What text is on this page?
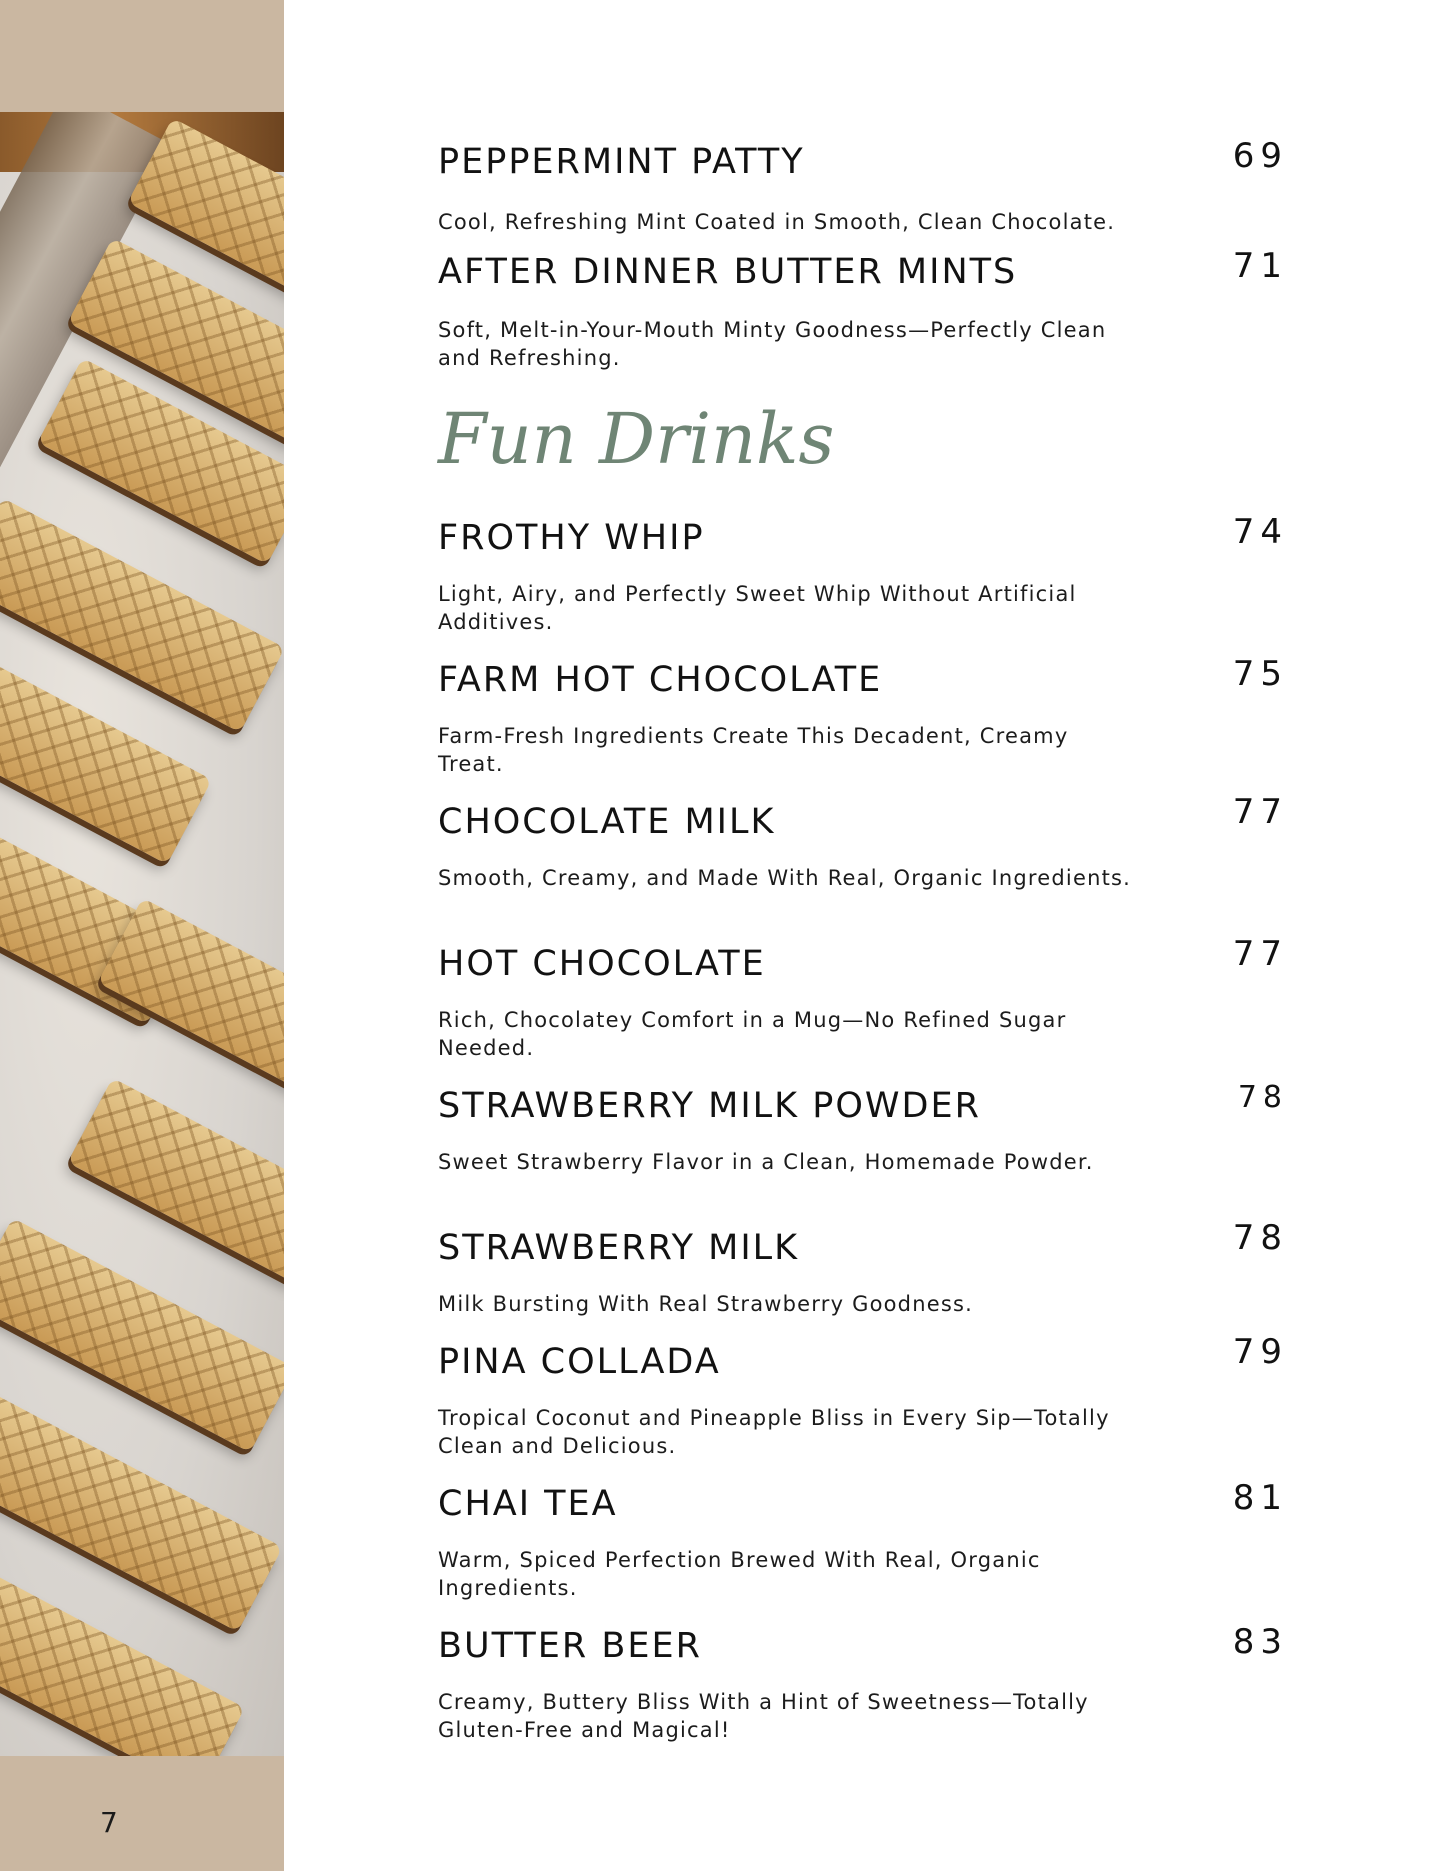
7
PEPPERMINT PATTY	69
Cool, Refreshing Mint Coated in Smooth, Clean Chocolate.
AFTER DINNER BUTTER MINTS	71
Soft, Melt-in-Your-Mouth Minty Goodness—Perfectly Clean and Refreshing.
Fun Drinks
FROTHY WHIP	74
Light, Airy, and Perfectly Sweet Whip Without Artificial Additives.
FARM HOT CHOCOLATE	75
Farm-Fresh Ingredients Create This Decadent, Creamy Treat.
CHOCOLATE MILK	77
Smooth, Creamy, and Made With Real, Organic Ingredients.
HOT CHOCOLATE	77
Rich, Chocolatey Comfort in a Mug—No Refined Sugar Needed.
STRAWBERRY MILK POWDER	78
Sweet Strawberry Flavor in a Clean, Homemade Powder.
STRAWBERRY MILK	78
Milk Bursting With Real Strawberry Goodness.
PINA COLLADA	79
Tropical Coconut and Pineapple Bliss in Every Sip—Totally Clean and Delicious.
CHAI TEA	81
Warm, Spiced Perfection Brewed With Real, Organic Ingredients.
BUTTER BEER	83
Creamy, Buttery Bliss With a Hint of Sweetness—Totally Gluten-Free and Magical!
